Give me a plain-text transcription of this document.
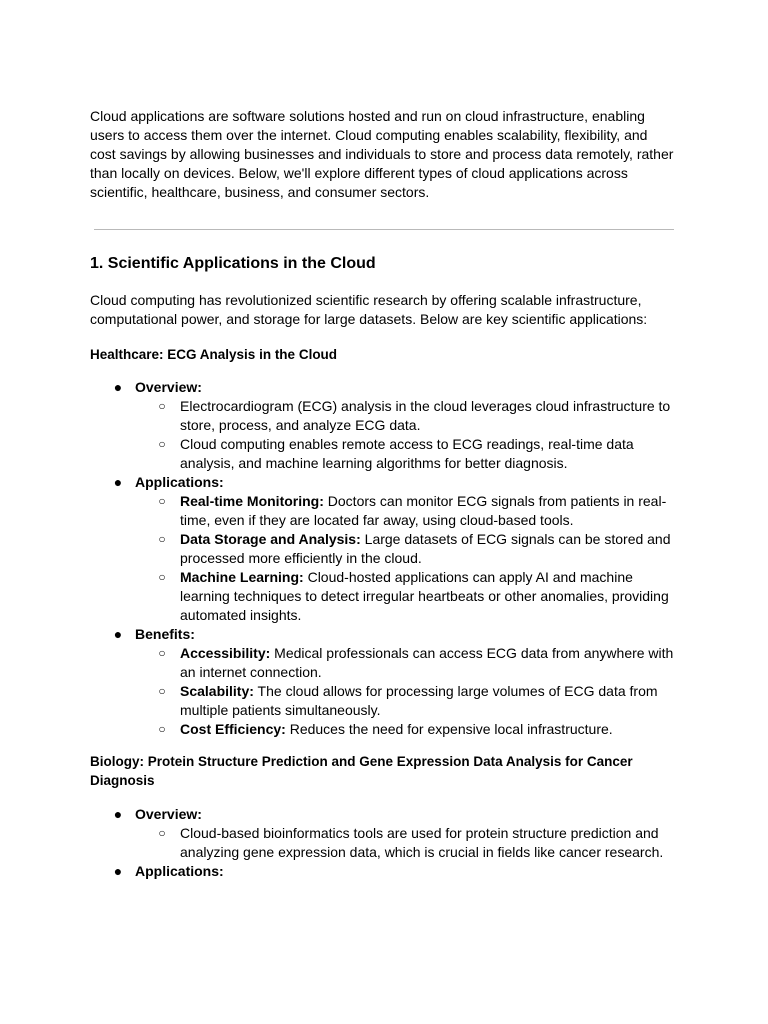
Cloud applications are software solutions hosted and run on cloud infrastructure, enabling users to access them over the internet. Cloud computing enables scalability, flexibility, and cost savings by allowing businesses and individuals to store and process data remotely, rather than locally on devices. Below, we'll explore different types of cloud applications across scientific, healthcare, business, and consumer sectors.

1. Scientific Applications in the Cloud

Cloud computing has revolutionized scientific research by offering scalable infrastructure, computational power, and storage for large datasets. Below are key scientific applications:

Healthcare: ECG Analysis in the Cloud
● Overview:
○ Electrocardiogram (ECG) analysis in the cloud leverages cloud infrastructure to store, process, and analyze ECG data.
○ Cloud computing enables remote access to ECG readings, real-time data analysis, and machine learning algorithms for better diagnosis.
● Applications:
○ Real-time Monitoring: Doctors can monitor ECG signals from patients in real-time, even if they are located far away, using cloud-based tools.
○ Data Storage and Analysis: Large datasets of ECG signals can be stored and processed more efficiently in the cloud.
○ Machine Learning: Cloud-hosted applications can apply AI and machine learning techniques to detect irregular heartbeats or other anomalies, providing automated insights.
● Benefits:
○ Accessibility: Medical professionals can access ECG data from anywhere with an internet connection.
○ Scalability: The cloud allows for processing large volumes of ECG data from multiple patients simultaneously.
○ Cost Efficiency: Reduces the need for expensive local infrastructure.
Biology: Protein Structure Prediction and Gene Expression Data Analysis for Cancer Diagnosis
● Overview:
○ Cloud-based bioinformatics tools are used for protein structure prediction and analyzing gene expression data, which is crucial in fields like cancer research.
● Applications:
